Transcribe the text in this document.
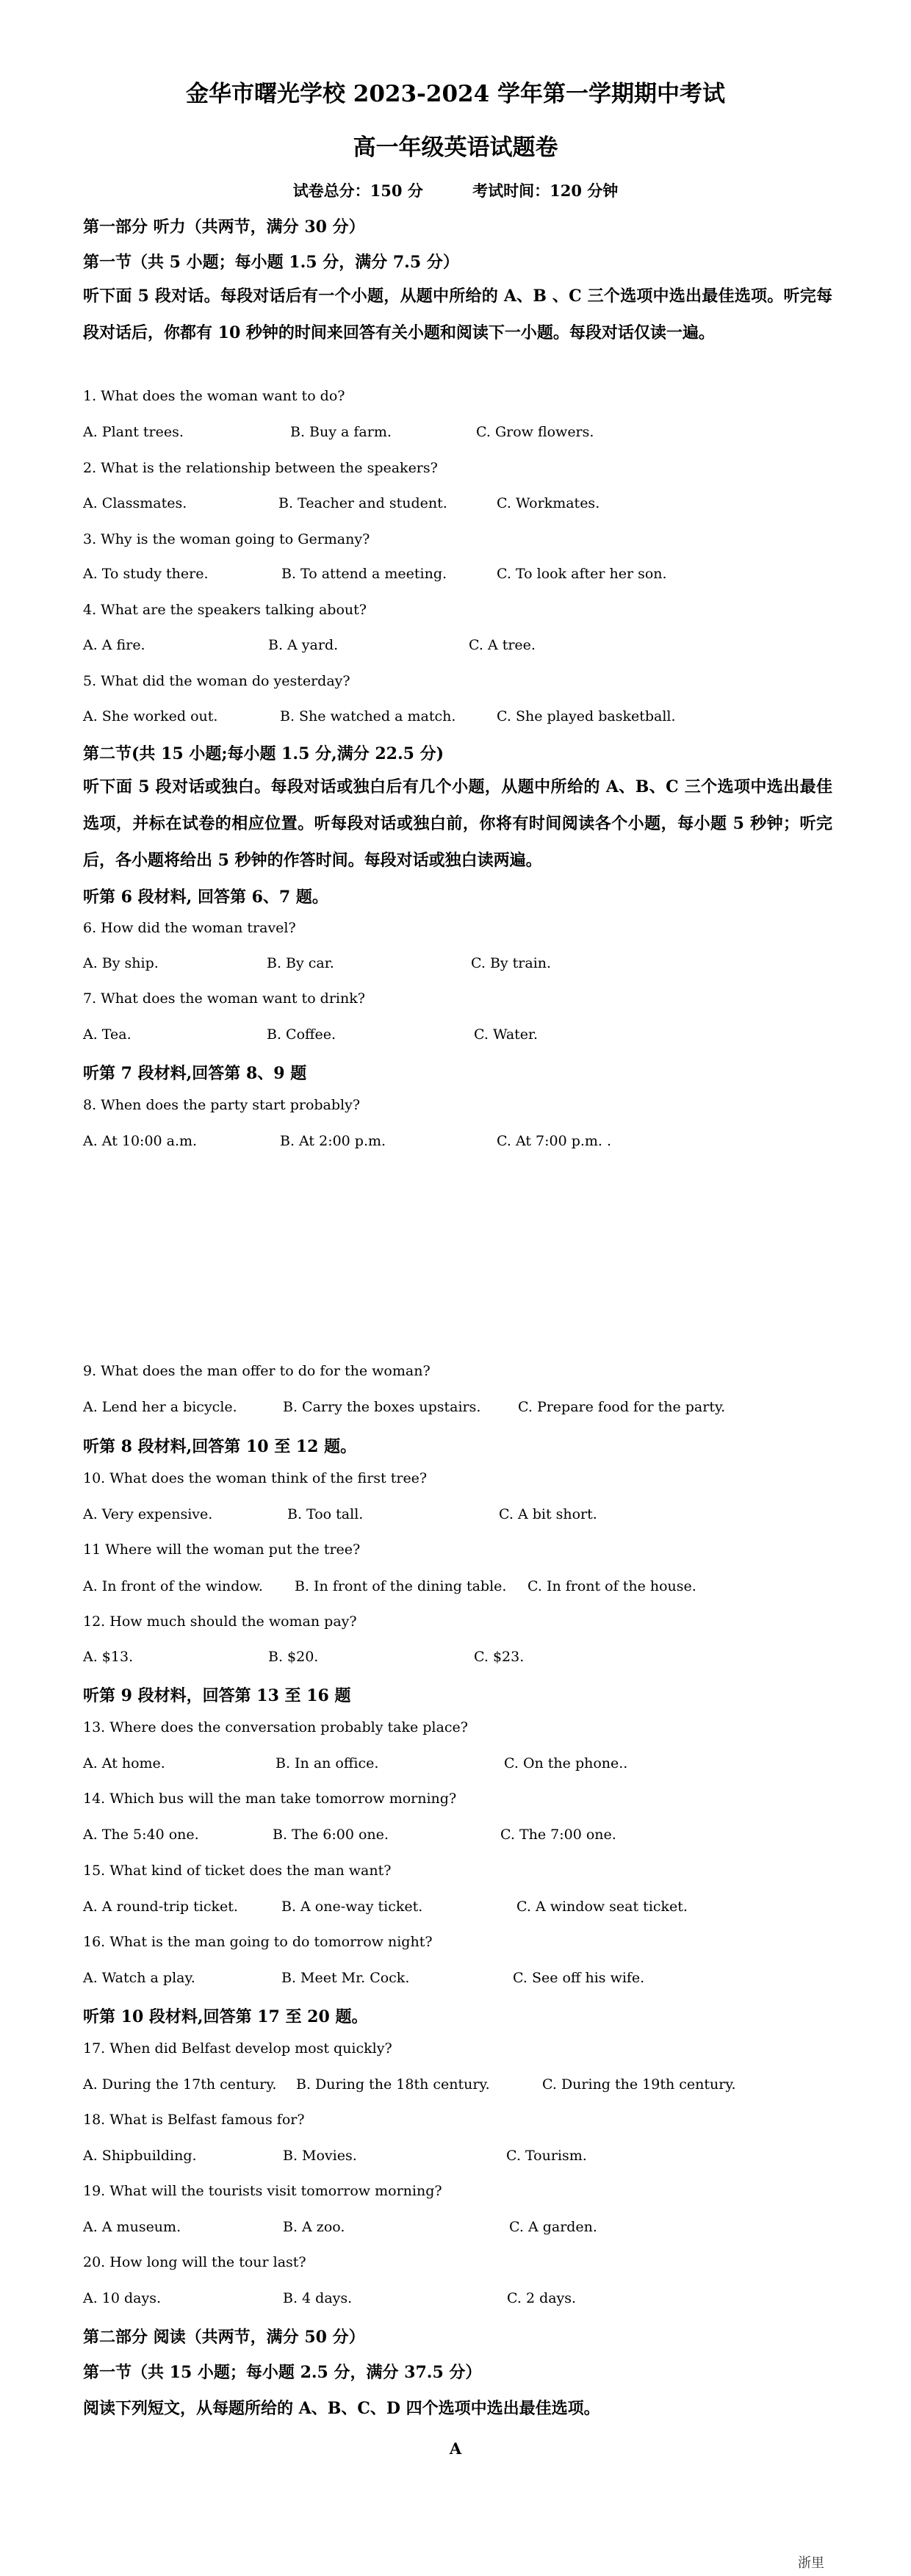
金华市曙光学校 2023-2024 学年第一学期期中考试
高一年级英语试题卷
试卷总分：150 分	考试时间：120 分钟
第一部分 听力（共两节，满分 30 分）
第一节（共 5 小题；每小题 1.5 分，满分 7.5 分）
听下面 5 段对话。每段对话后有一个小题，从题中所给的 A、B 、C 三个选项中选出最佳选项。听完每段对话后，你都有 10 秒钟的时间来回答有关小题和阅读下一小题。每段对话仅读一遍。
1. What does the woman want to do?
A. Plant trees.	B. Buy a farm.	C. Grow flowers.
2. What is the relationship between the speakers?
A. Classmates.	B. Teacher and student.	C. Workmates.
3. Why is the woman going to Germany?
A. To study there.	B. To attend a meeting.	C. To look after her son.
4. What are the speakers talking about?
A. A fire.	B. A yard.	C. A tree.
5. What did the woman do yesterday?
A. She worked out.	B. She watched a match.	C. She played basketball.
第二节(共 15 小题;每小题 1.5 分,满分 22.5 分)
听下面 5 段对话或独白。每段对话或独白后有几个小题，从题中所给的 A、B、C 三个选项中选出最佳选项，并标在试卷的相应位置。听每段对话或独白前，你将有时间阅读各个小题，每小题 5 秒钟；听完后，各小题将给出 5 秒钟的作答时间。每段对话或独白读两遍。
听第 6 段材料, 回答第 6、7 题。
6. How did the woman travel?
A. By ship.	B. By car.	C. By train.
7. What does the woman want to drink?
A. Tea.	B. Coffee.	C. Water.
听第 7 段材料,回答第 8、9 题
8. When does the party start probably?
A. At 10:00 a.m.	B. At 2:00 p.m.	C. At 7:00 p.m. .
9. What does the man offer to do for the woman?
A. Lend her a bicycle.	B. Carry the boxes upstairs.	C. Prepare food for the party.
听第 8 段材料,回答第 10 至 12 题。
10. What does the woman think of the first tree?
A. Very expensive.	B. Too tall.	C. A bit short.
11 Where will the woman put the tree?
A. In front of the window. B. In front of the dining table. C. In front of the house.
12. How much should the woman pay?
A. $13.	B. $20.	C. $23.
听第 9 段材料，回答第 13 至 16 题
13. Where does the conversation probably take place?
A. At home.	B. In an office.	C. On the phone..
14. Which bus will the man take tomorrow morning?
A. The 5:40 one.	B. The 6:00 one.	C. The 7:00 one.
15. What kind of ticket does the man want?
A. A round-trip ticket.	B. A one-way ticket.	C. A window seat ticket.
16. What is the man going to do tomorrow night?
A. Watch a play.	B. Meet Mr. Cock.	C. See off his wife.
听第 10 段材料,回答第 17 至 20 题。
17. When did Belfast develop most quickly?
A. During the 17th century. B. During the 18th century.	C. During the 19th century.
18. What is Belfast famous for?
A. Shipbuilding.	B. Movies.	C. Tourism.
19. What will the tourists visit tomorrow morning?
A. A museum.	B. A zoo.	C. A garden.
20. How long will the tour last?
A. 10 days.	B. 4 days.	C. 2 days.
第二部分 阅读（共两节，满分 50 分）
第一节（共 15 小题；每小题 2.5 分，满分 37.5 分）
阅读下列短文，从每题所给的 A、B、C、D 四个选项中选出最佳选项。
A
浙里
